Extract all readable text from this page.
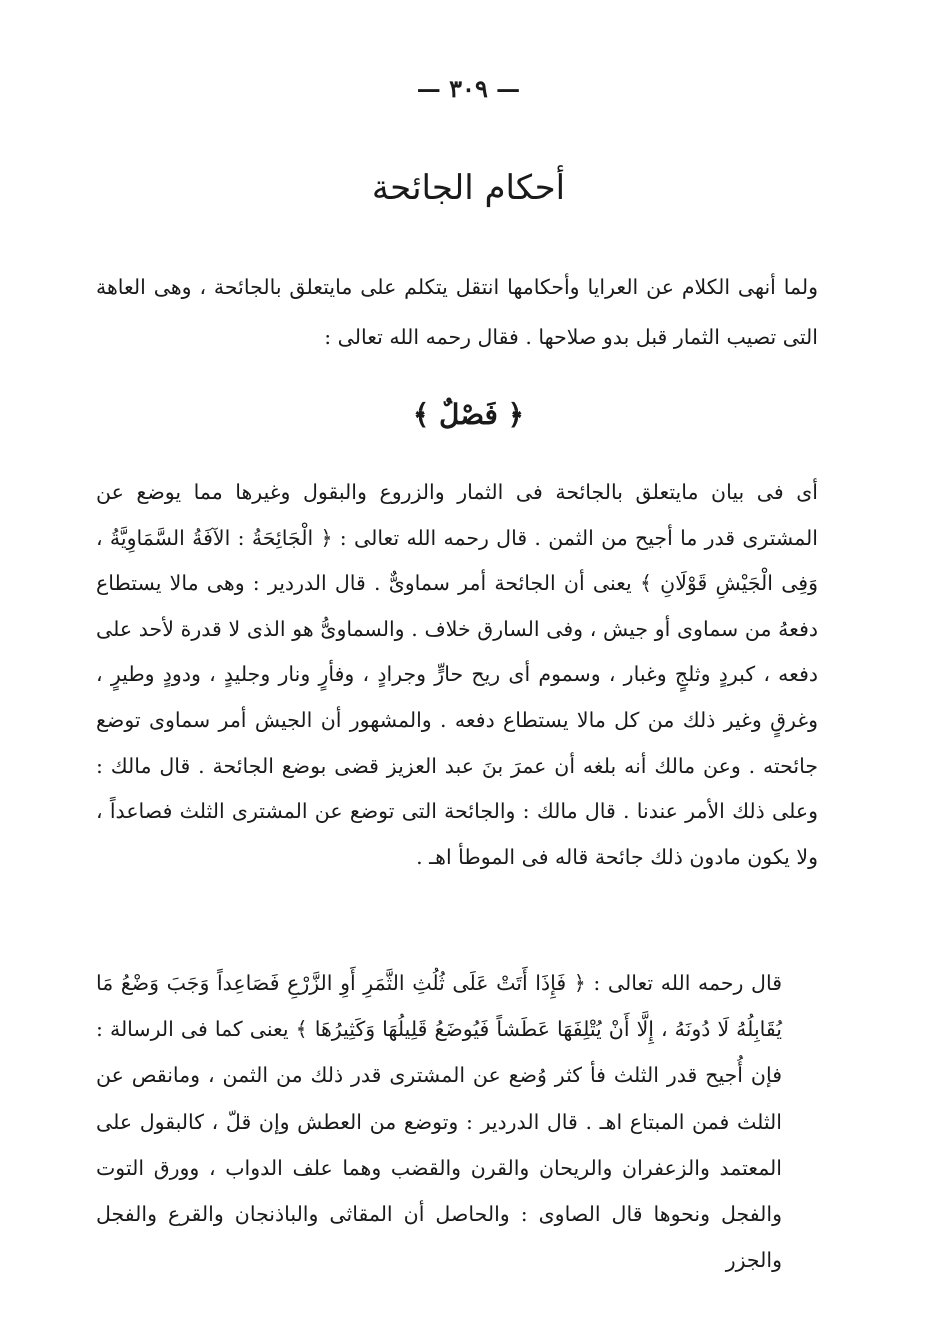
— ٣٠٩ —
أحكام الجائحة

ولما أنهى الكلام عن العرايا وأحكامها انتقل يتكلم على مايتعلق بالجائحة ، وهى العاهة التى تصيب الثمار قبل بدو صلاحها . فقال رحمه الله تعالى :

﴿ فَصْلٌ ﴾

أى فى بيان مايتعلق بالجائحة فى الثمار والزروع والبقول وغيرها مما يوضع عن المشترى قدر ما أجيح من الثمن . قال رحمه الله تعالى : ﴿ الْجَائِحَةُ : الآفَةُ السَّمَاوِيَّةُ ، وَفِى الْجَيْشِ قَوْلَانِ ﴾ يعنى أن الجائحة أمر سماوىٌّ . قال الدردير : وهى مالا يستطاع دفعهُ من سماوى أو جيش ، وفى السارق خلاف . والسماوىُّ هو الذى لا قدرة لأحد على دفعه ، كبردٍ وثلجٍ وغبار ، وسموم أى ريح حارٍّ وجرادٍ ، وفأرٍ ونار وجليدٍ ، ودودٍ وطيرٍ ، وغرقٍ وغير ذلك من كل مالا يستطاع دفعه . والمشهور أن الجيش أمر سماوى توضع جائحته . وعن مالك أنه بلغه أن عمرَ بنَ عبد العزيز قضى بوضع الجائحة . قال مالك : وعلى ذلك الأمر عندنا . قال مالك : والجائحة التى توضع عن المشترى الثلث فصاعداً ، ولا يكون مادون ذلك جائحة قاله فى الموطأ اهـ .

قال رحمه الله تعالى : ﴿ فَإِذَا أَتَتْ عَلَى ثُلُثِ الثَّمَرِ أَوِ الزَّرْعِ فَصَاعِداً وَجَبَ وَضْعُ مَا يُقَابِلُهُ لَا دُونَهُ ، إِلَّا أَنْ يُتْلِفَهَا عَطَشاً فَيُوضَعُ قَلِيلُهَا وَكَثِيرُهَا ﴾ يعنى كما فى الرسالة : فإن أُجيح قدر الثلث فأ كثر وُضع عن المشترى قدر ذلك من الثمن ، ومانقص عن الثلث فمن المبتاع اهـ . قال الدردير : وتوضع من العطش وإن قلّ ، كالبقول على المعتمد والزعفران والريحان والقرن والقضب وهما علف الدواب ، وورق التوت والفجل ونحوها قال الصاوى : والحاصل أن المقاثى والباذنجان والقرع والفجل والجزر
